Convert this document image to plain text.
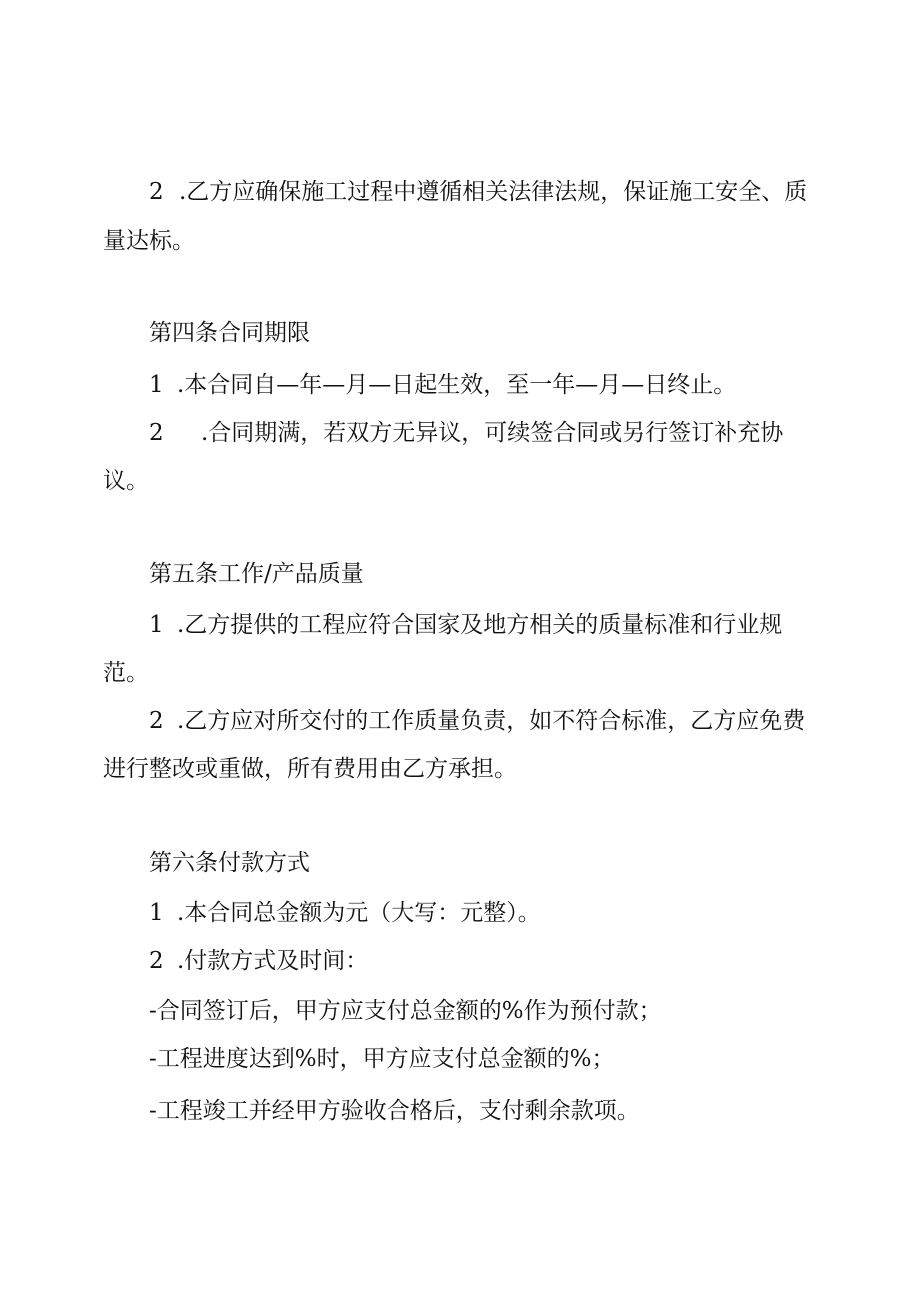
2 .乙方应确保施工过程中遵循相关法律法规，保证施工安全、质
量达标。
第四条合同期限
1 .本合同自—年—月—日起生效，至一年—月—日终止。
2 .合同期满，若双方无异议，可续签合同或另行签订补充协
议。
第五条工作/产品质量
1 .乙方提供的工程应符合国家及地方相关的质量标准和行业规
范。
2 .乙方应对所交付的工作质量负责，如不符合标准，乙方应免费
进行整改或重做，所有费用由乙方承担。
第六条付款方式
1 .本合同总金额为元（大写：元整）。
2 .付款方式及时间：
-合同签订后，甲方应支付总金额的%作为预付款；
-工程进度达到%时，甲方应支付总金额的%；
-工程竣工并经甲方验收合格后，支付剩余款项。
